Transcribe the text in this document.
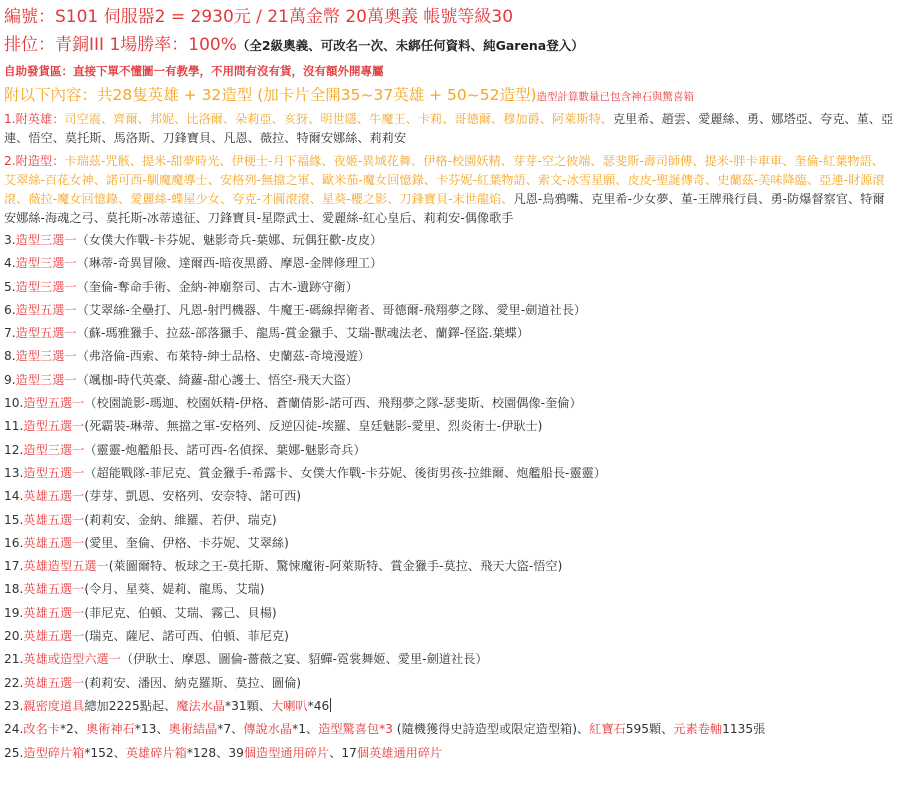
編號：S101 伺服器2 = 2930元 / 21萬金幣 20萬奧義 帳號等級30
排位：青銅III 1場勝率：100%（全2級奧義、可改名一次、未綁任何資料、純Garena登入）
自助發貨區：直接下單不懂圖一有教學，不用問有沒有貨，沒有額外開專屬
附以下內容：共28隻英雄 + 32造型 (加卡片全開35~37英雄 + 50~52造型)造型計算數量已包含神石與驚喜箱
1.附英雄：司空震、齊爾、邦妮、比洛爾、朵莉亞、亥犽、明世隱、牛魔王、卡莉、哥德爾、穆加爵、阿萊斯特、克里希、趙雲、愛麗絲、勇、娜塔亞、夸克、堇、亞連、悟空、莫托斯、馬洛斯、刀鋒寶貝、凡恩、薇拉、特爾安娜絲、莉莉安
2.附造型：卡瑞茲-咒骸、提米-甜夢時光、伊梗士-月下福緣、夜姬-異域花舞、伊格-校園妖精、芽芽-空之彼端、瑟斐斯-壽司師傅、提米-胖卡車車、奎倫-紅葉物語、艾翠絲-百花女神、諾可西-馴魔魔導士、安格列-無擋之軍、歐米茄-魔女回憶錄、卡芬妮-紅葉物語、索文-冰雪星願、皮皮-聖誕傳奇、史蘭茲-美味降臨、亞連-財源滾滾、薇拉-魔女回憶錄、愛麗絲-蝶屋少女、夸克-才圓滾滾、星葵-櫻之影、刀鋒寶貝-末世龍焰、凡恩-烏鴉嘴、克里希-少女夢、堇-王牌飛行員、勇-防爆督察官、特爾安娜絲-海魂之弓、莫托斯-冰蒂遠征、刀鋒寶貝-星際武士、愛麗絲-紅心皇后、莉莉安-偶像歌手
3.造型三選一（女僕大作戰-卡芬妮、魅影奇兵-葉娜、玩偶狂歡-皮皮）
4.造型三選一（琳蒂-奇異冒險、達爾西-暗夜黑爵、摩恩-金牌修理工）
5.造型三選一（奎倫-奪命手術、金納-神廟祭司、古木-遺跡守衛）
6.造型五選一（艾翠絲-全壘打、凡恩-射門機器、牛魔王-碼線捍衛者、哥德爾-飛翔夢之隊、愛里-劍道社長）
7.造型五選一（蘇-瑪雅獵手、拉茲-部落獵手、龍馬-賞金獵手、艾瑞-獸魂法老、蘭鐸-怪盜.葉蝶）
8.造型三選一（弗洛倫-西索、布萊特-紳士品格、史蘭茲-奇境漫遊）
9.造型三選一（颯枷-時代英豪、綺蘿-甜心護士、悟空-飛天大盜）
10.造型五選一（校園詭影-瑪迦、校園妖精-伊格、蒼蘭倩影-諾可西、飛翔夢之隊-瑟斐斯、校園偶像-奎倫）
11.造型五選一(死霸裝-琳蒂、無擋之軍-安格列、反逆囚徒-埃羅、皇廷魅影-愛里、烈炎術士-伊耿士)
12.造型三選一（靈靈-炮艦船長、諾可西-名偵探、葉娜-魅影奇兵）
13.造型五選一（超能戰隊-菲尼克、賞金獵手-希露卡、女僕大作戰-卡芬妮、後街男孩-拉維爾、炮艦船長-靈靈）
14.英雄五選一(芽芽、凱恩、安格列、安奈特、諾可西)
15.英雄五選一(莉莉安、金納、維羅、若伊、瑞克)
16.英雄五選一(愛里、奎倫、伊格、卡芬妮、艾翠絲)
17.英雄造型五選一(萊圖爾特、板球之王-莫托斯、驚悚魔術-阿萊斯特、賞金獵手-莫拉、飛天大盜-悟空)
18.英雄五選一(令月、星葵、媞莉、龍馬、艾瑞)
19.英雄五選一(菲尼克、伯頓、艾瑞、霧己、貝楊)
20.英雄五選一(瑞克、薩尼、諾可西、伯頓、菲尼克)
21.英雄或造型六選一（伊耿士、摩恩、圖倫-薔薇之宴、貂蟬-霓裳舞姬、愛里-劍道社長）
22.英雄五選一(莉莉安、潘因、納克羅斯、莫拉、圖倫)
23.親密度道具總加2225點起、魔法水晶*31顆、大喇叭*46
24.改名卡*2、奧術神石*13、奧術結晶*7、傳說水晶*1、造型驚喜包*3 (隨機獲得史詩造型或限定造型箱)、紅寶石595顆、元素卷軸1135張
25.造型碎片箱*152、英雄碎片箱*128、39個造型通用碎片、17個英雄通用碎片
